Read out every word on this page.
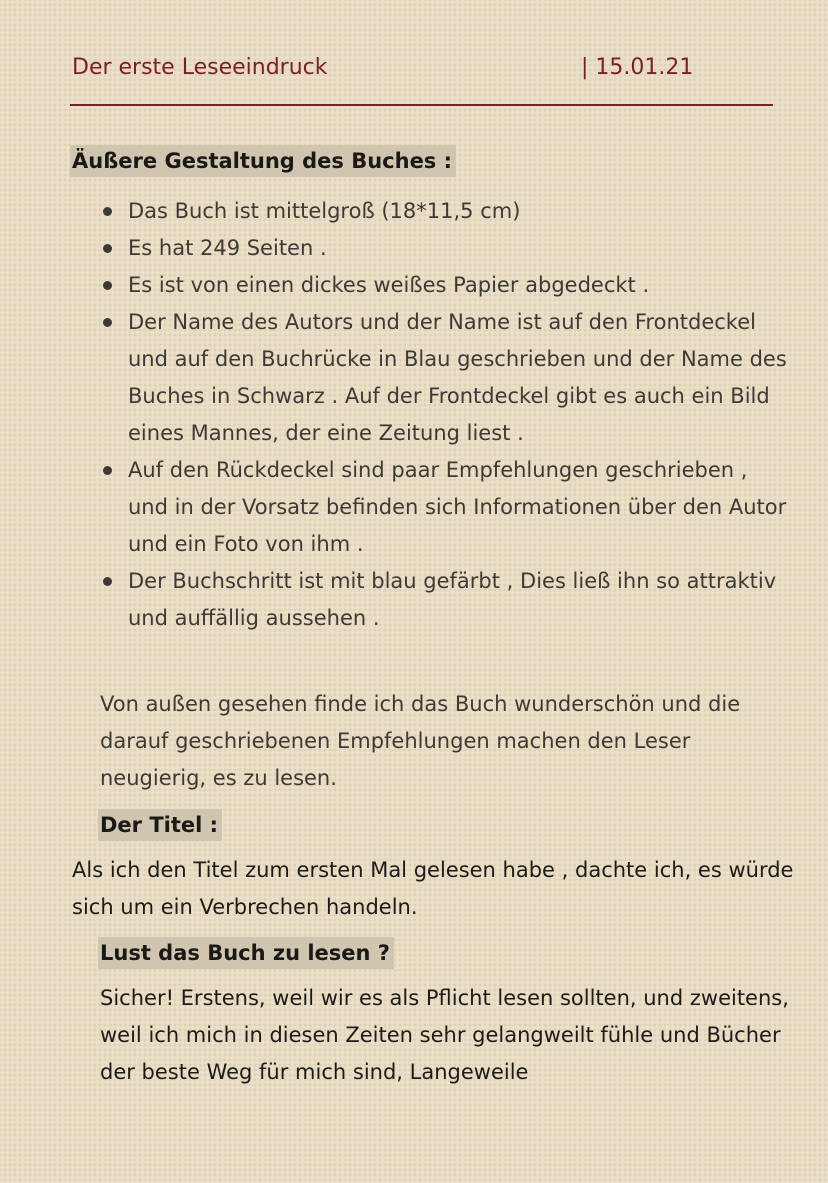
Der erste Leseeindruck	| 15.01.21
Äußere Gestaltung des Buches :
Das Buch ist mittelgroß (18*11,5 cm)
Es hat 249 Seiten .
Es ist von einen dickes weißes Papier abgedeckt .
Der Name des Autors und der Name ist auf den Frontdeckel und auf den Buchrücke in Blau geschrieben und der Name des Buches in Schwarz . Auf der Frontdeckel gibt es auch ein Bild eines Mannes, der eine Zeitung liest .
Auf den Rückdeckel sind paar Empfehlungen geschrieben , und in der Vorsatz befinden sich Informationen über den Autor und ein Foto von ihm .
Der Buchschritt ist mit blau gefärbt , Dies ließ ihn so attraktiv und auffällig aussehen .
Von außen gesehen finde ich das Buch wunderschön und die darauf geschriebenen Empfehlungen machen den Leser neugierig, es zu lesen.
Der Titel :
Als ich den Titel zum ersten Mal gelesen habe , dachte ich, es würde sich um ein Verbrechen handeln.
Lust das Buch zu lesen ?
Sicher! Erstens, weil wir es als Pflicht lesen sollten, und zweitens, weil ich mich in diesen Zeiten sehr gelangweilt fühle und Bücher der beste Weg für mich sind, Langeweile
